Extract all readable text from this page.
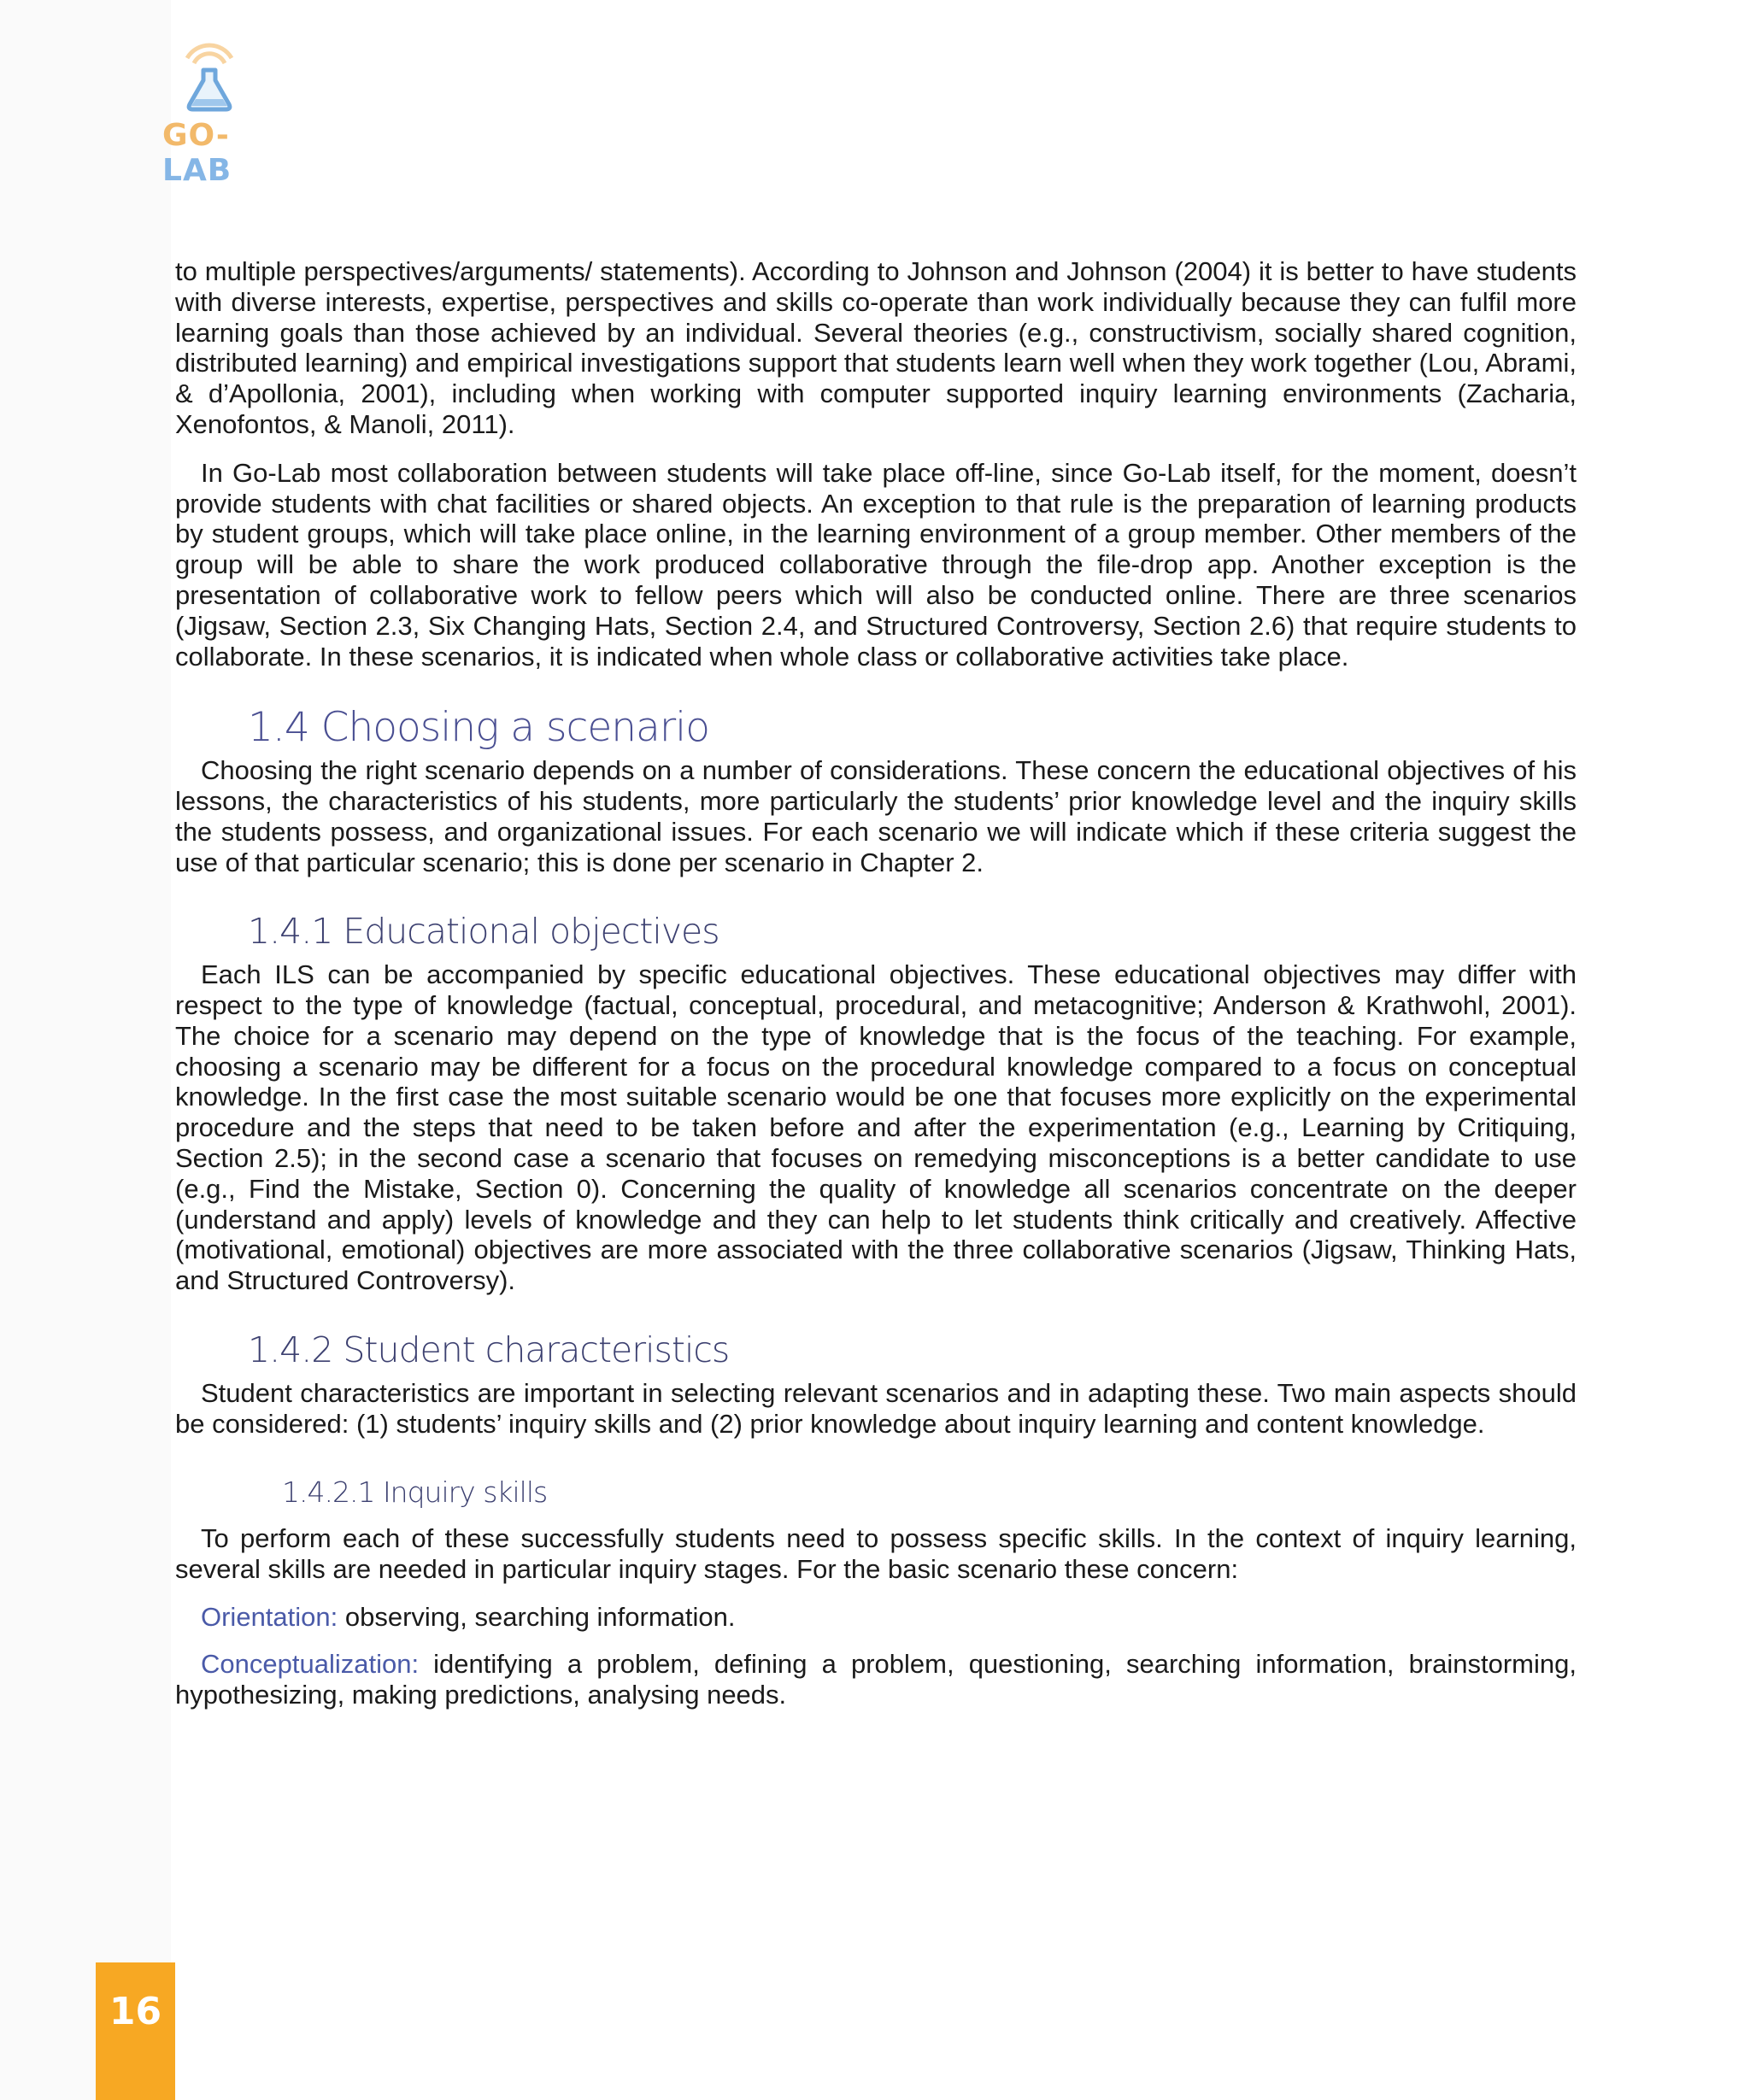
GO-LAB

to multiple perspectives/arguments/ statements). According to Johnson and Johnson (2004) it is better to have students with diverse interests, expertise, perspectives and skills co-operate than work individually because they can fulfil more learning goals than those achieved by an individual. Several theories (e.g., constructivism, socially shared cognition, distributed learning) and empirical investigations support that students learn well when they work together (Lou, Abrami, & d’Apollonia, 2001), including when working with computer supported inquiry learning environments (Zacharia, Xenofontos, & Manoli, 2011).

In Go-Lab most collaboration between students will take place off-line, since Go-Lab itself, for the moment, doesn’t provide students with chat facilities or shared objects. An exception to that rule is the preparation of learning products by student groups, which will take place online, in the learning environment of a group member. Other members of the group will be able to share the work produced collaborative through the file-drop app. Another exception is the presentation of collaborative work to fellow peers which will also be conducted online. There are three scenarios (Jigsaw, Section 2.3, Six Changing Hats, Section 2.4, and Structured Controversy, Section 2.6) that require students to collaborate. In these scenarios, it is indicated when whole class or collaborative activities take place.

1.4 Choosing a scenario

Choosing the right scenario depends on a number of considerations. These concern the educational objectives of his lessons, the characteristics of his students, more particularly the students’ prior knowledge level and the inquiry skills the students possess, and organizational issues. For each scenario we will indicate which if these criteria suggest the use of that particular scenario; this is done per scenario in Chapter 2.

1.4.1 Educational objectives

Each ILS can be accompanied by specific educational objectives. These educational objectives may differ with respect to the type of knowledge (factual, conceptual, procedural, and metacognitive; Anderson & Krathwohl, 2001). The choice for a scenario may depend on the type of knowledge that is the focus of the teaching. For example, choosing a scenario may be different for a focus on the procedural knowledge compared to a focus on conceptual knowledge. In the first case the most suitable scenario would be one that focuses more explicitly on the experimental procedure and the steps that need to be taken before and after the experimentation (e.g., Learning by Critiquing, Section 2.5); in the second case a scenario that focuses on remedying misconceptions is a better candidate to use (e.g., Find the Mistake, Section 0). Concerning the quality of knowledge all scenarios concentrate on the deeper (understand and apply) levels of knowledge and they can help to let students think critically and creatively. Affective (motivational, emotional) objectives are more associated with the three collaborative scenarios (Jigsaw, Thinking Hats, and Structured Controversy).

1.4.2 Student characteristics

Student characteristics are important in selecting relevant scenarios and in adapting these. Two main aspects should be considered: (1) students’ inquiry skills and (2) prior knowledge about inquiry learning and content knowledge.

1.4.2.1 Inquiry skills

To perform each of these successfully students need to possess specific skills. In the context of inquiry learning, several skills are needed in particular inquiry stages. For the basic scenario these concern:

Orientation: observing, searching information.

Conceptualization: identifying a problem, defining a problem, questioning, searching information, brainstorming, hypothesizing, making predictions, analysing needs.

16
